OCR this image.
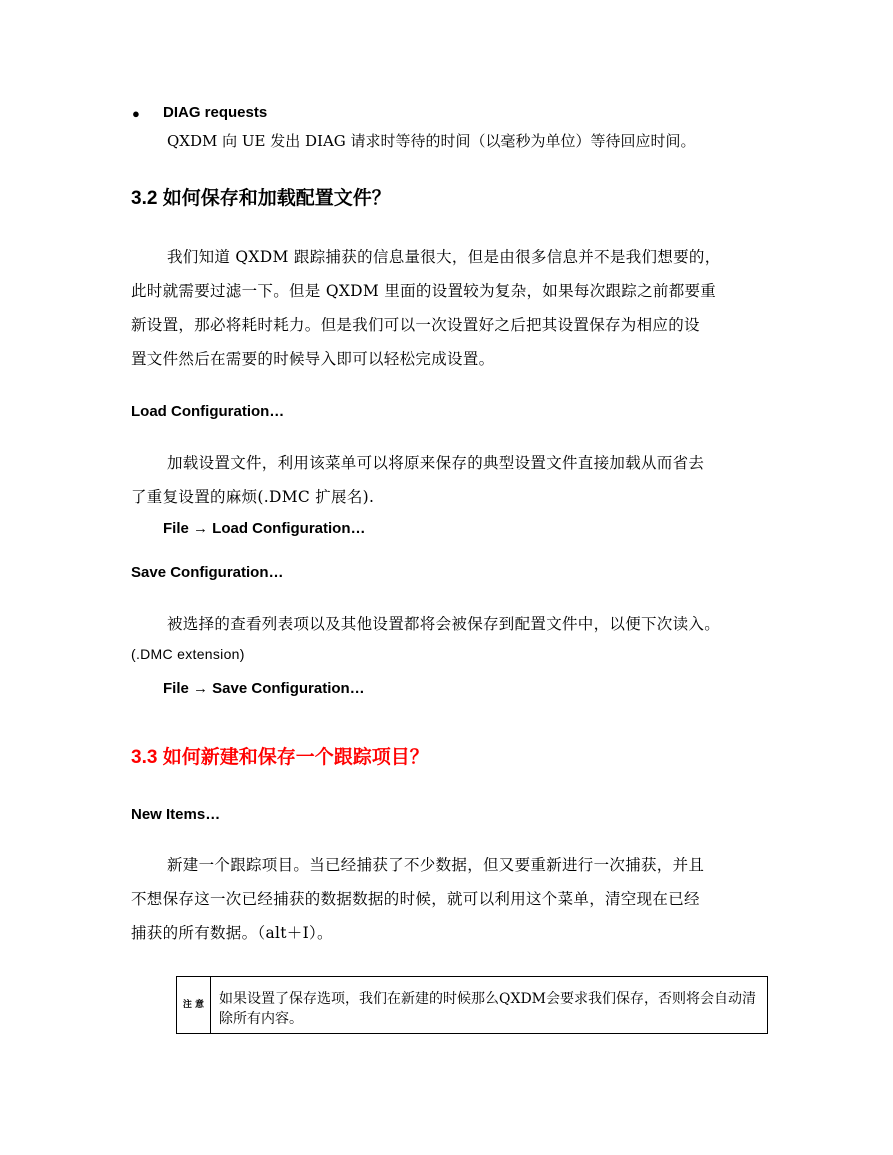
● DIAG requests
QXDM 向 UE 发出 DIAG 请求时等待的时间（以毫秒为单位）等待回应时间。
3.2 如何保存和加载配置文件？
我们知道 QXDM 跟踪捕获的信息量很大，但是由很多信息并不是我们想要的，
此时就需要过滤一下。但是 QXDM 里面的设置较为复杂，如果每次跟踪之前都要重
新设置，那必将耗时耗力。但是我们可以一次设置好之后把其设置保存为相应的设
置文件然后在需要的时候导入即可以轻松完成设置。
Load Configuration…
加载设置文件，利用该菜单可以将原来保存的典型设置文件直接加载从而省去
了重复设置的麻烦(.DMC 扩展名).
File → Load Configuration…
Save Configuration…
被选择的查看列表项以及其他设置都将会被保存到配置文件中，以便下次读入。
(.DMC extension)
File → Save Configuration…
3.3 如何新建和保存一个跟踪项目？
New Items…
新建一个跟踪项目。当已经捕获了不少数据，但又要重新进行一次捕获，并且
不想保存这一次已经捕获的数据数据的时候，就可以利用这个菜单，清空现在已经
捕获的所有数据。（alt＋I）。
注 意	如果设置了保存选项，我们在新建的时候那么QXDM会要求我们保存，否则将会自动清除所有内容。
